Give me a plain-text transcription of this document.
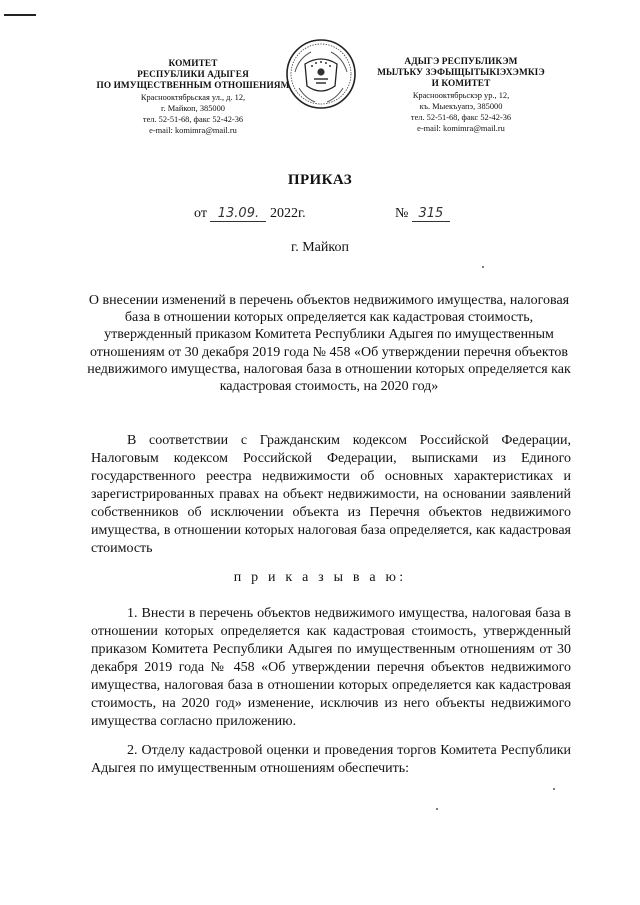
КОМИТЕТ
РЕСПУБЛИКИ АДЫГЕЯ
ПО ИМУЩЕСТВЕННЫМ ОТНОШЕНИЯМ
Краснооктябрьская ул., д. 12,
г. Майкоп, 385000
тел. 52-51-68, факс 52-42-36
e-mail: komimra@mail.ru
АДЫГЭ РЕСПУБЛИКЭМ
МЫЛЪКУ ЗЭФЫЩЫТЫКIЭХЭМКIЭ
И КОМИТЕТ
Краснооктябрьскэр ур., 12,
къ. Мыекъуапэ, 385000
тел. 52-51-68, факс 52-42-36
e-mail: komimra@mail.ru
ПРИКАЗ
от 13.09. 2022г.	№ 315
г. Майкоп
О внесении изменений в перечень объектов недвижимого имущества, налоговая база в отношении которых определяется как кадастровая стоимость, утвержденный приказом Комитета Республики Адыгея по имущественным отношениям от 30 декабря 2019 года № 458 «Об утверждении перечня объектов недвижимого имущества, налоговая база в отношении которых определяется как кадастровая стоимость, на 2020 год»
В соответствии с Гражданским кодексом Российской Федерации, Налоговым кодексом Российской Федерации, выписками из Единого государственного реестра недвижимости об основных характеристиках и зарегистрированных правах на объект недвижимости, на основании заявлений собственников об исключении объекта из Перечня объектов недвижимого имущества, в отношении которых налоговая база определяется, как кадастровая стоимость
п р и к а з ы в а ю:
1. Внести в перечень объектов недвижимого имущества, налоговая база в отношении которых определяется как кадастровая стоимость, утвержденный приказом Комитета Республики Адыгея по имущественным отношениям от 30 декабря 2019 года № 458 «Об утверждении перечня объектов недвижимого имущества, налоговая база в отношении которых определяется как кадастровая стоимость, на 2020 год» изменение, исключив из него объекты недвижимого имущества согласно приложению.
2. Отделу кадастровой оценки и проведения торгов Комитета Республики Адыгея по имущественным отношениям обеспечить:
